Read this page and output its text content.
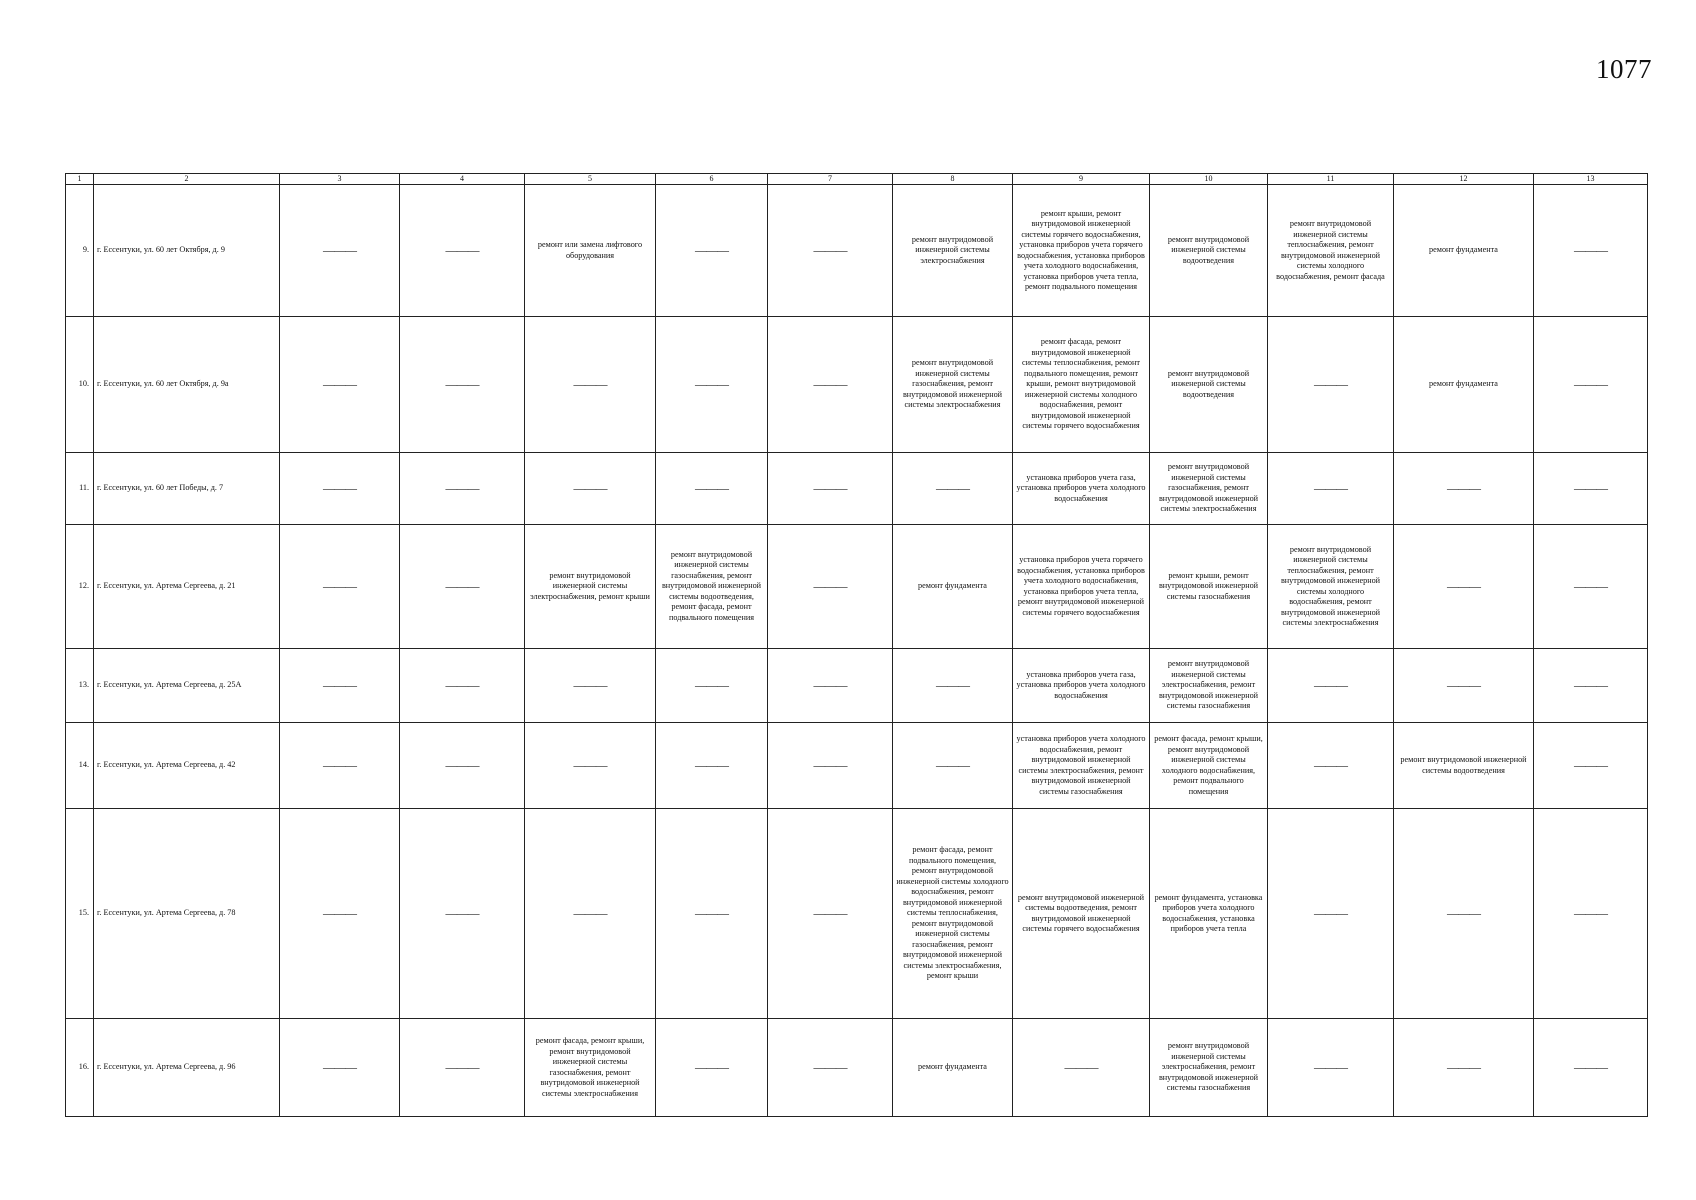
1077
1	2	3	4	5	6	7	8	9	10	11	12	13
9.	г. Ессентуки, ул. 60 лет Октября, д. 9	———	———	ремонт или замена лифтового оборудования	———	———	ремонт внутридомовой инженерной системы электроснабжения	ремонт крыши, ремонт внутридомовой инженерной системы горячего водоснабжения, установка приборов учета горячего водоснабжения, установка приборов учета холодного водоснабжения, установка приборов учета тепла, ремонт подвального помещения	ремонт внутридомовой инженерной системы водоотведения	ремонт внутридомовой инженерной системы теплоснабжения, ремонт внутридомовой инженерной системы холодного водоснабжения, ремонт фасада	ремонт фундамента	———
10.	г. Ессентуки, ул. 60 лет Октября, д. 9а	———	———	———	———	———	ремонт внутридомовой инженерной системы газоснабжения, ремонт внутридомовой инженерной системы электроснабжения	ремонт фасада, ремонт внутридомовой инженерной системы теплоснабжения, ремонт подвального помещения, ремонт крыши, ремонт внутридомовой инженерной системы холодного водоснабжения, ремонт внутридомовой инженерной системы горячего водоснабжения	ремонт внутридомовой инженерной системы водоотведения	———	ремонт фундамента	———
11.	г. Ессентуки, ул. 60 лет Победы, д. 7	———	———	———	———	———	———	установка приборов учета газа, установка приборов учета холодного водоснабжения	ремонт внутридомовой инженерной системы газоснабжения, ремонт внутридомовой инженерной системы электроснабжения	———	———	———
12.	г. Ессентуки, ул. Артема Сергеева, д. 21	———	———	ремонт внутридомовой инженерной системы электроснабжения, ремонт крыши	ремонт внутридомовой инженерной системы газоснабжения, ремонт внутридомовой инженерной системы водоотведения, ремонт фасада, ремонт подвального помещения	———	ремонт фундамента	установка приборов учета горячего водоснабжения, установка приборов учета холодного водоснабжения, установка приборов учета тепла, ремонт внутридомовой инженерной системы горячего водоснабжения	ремонт крыши, ремонт внутридомовой инженерной системы газоснабжения	ремонт внутридомовой инженерной системы теплоснабжения, ремонт внутридомовой инженерной системы холодного водоснабжения, ремонт внутридомовой инженерной системы электроснабжения	———	———
13.	г. Ессентуки, ул. Артема Сергеева, д. 25А	———	———	———	———	———	———	установка приборов учета газа, установка приборов учета холодного водоснабжения	ремонт внутридомовой инженерной системы электроснабжения, ремонт внутридомовой инженерной системы газоснабжения	———	———	———
14.	г. Ессентуки, ул. Артема Сергеева, д. 42	———	———	———	———	———	———	установка приборов учета холодного водоснабжения, ремонт внутридомовой инженерной системы электроснабжения, ремонт внутридомовой инженерной системы газоснабжения	ремонт фасада, ремонт крыши, ремонт внутридомовой инженерной системы холодного водоснабжения, ремонт подвального помещения	———	ремонт внутридомовой инженерной системы водоотведения	———
15.	г. Ессентуки, ул. Артема Сергеева, д. 78	———	———	———	———	———	ремонт фасада, ремонт подвального помещения, ремонт внутридомовой инженерной системы холодного водоснабжения, ремонт внутридомовой инженерной системы теплоснабжения, ремонт внутридомовой инженерной системы газоснабжения, ремонт внутридомовой инженерной системы электроснабжения, ремонт крыши	ремонт внутридомовой инженерной системы водоотведения, ремонт внутридомовой инженерной системы горячего водоснабжения	ремонт фундамента, установка приборов учета холодного водоснабжения, установка приборов учета тепла	———	———	———
16.	г. Ессентуки, ул. Артема Сергеева, д. 96	———	———	ремонт фасада, ремонт крыши, ремонт внутридомовой инженерной системы газоснабжения, ремонт внутридомовой инженерной системы электроснабжения	———	———	ремонт фундамента	———	ремонт внутридомовой инженерной системы электроснабжения, ремонт внутридомовой инженерной системы газоснабжения	———	———	———
